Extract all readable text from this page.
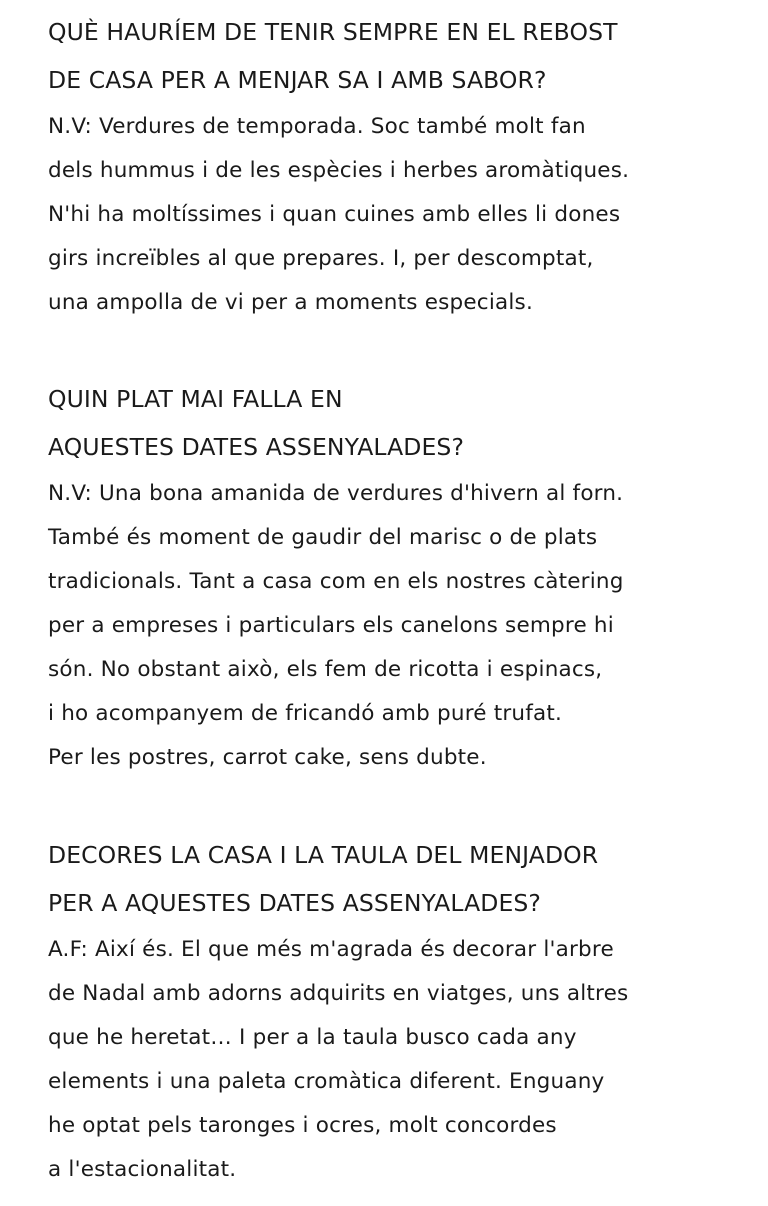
QUÈ HAURÍEM DE TENIR SEMPRE EN EL REBOST
DE CASA PER A MENJAR SA I AMB SABOR?

N.V: Verdures de temporada. Soc també molt fan
dels hummus i de les espècies i herbes aromàtiques.
N'hi ha moltíssimes i quan cuines amb elles li dones
girs increïbles al que prepares. I, per descomptat,
una ampolla de vi per a moments especials.

QUIN PLAT MAI FALLA EN
AQUESTES DATES ASSENYALADES?

N.V: Una bona amanida de verdures d'hivern al forn.
També és moment de gaudir del marisc o de plats
tradicionals. Tant a casa com en els nostres càtering
per a empreses i particulars els canelons sempre hi
són. No obstant això, els fem de ricotta i espinacs,
i ho acompanyem de fricandó amb puré trufat.
Per les postres, carrot cake, sens dubte.

DECORES LA CASA I LA TAULA DEL MENJADOR
PER A AQUESTES DATES ASSENYALADES?

A.F: Així és. El que més m'agrada és decorar l'arbre
de Nadal amb adorns adquirits en viatges, uns altres
que he heretat… I per a la taula busco cada any
elements i una paleta cromàtica diferent. Enguany
he optat pels taronges i ocres, molt concordes
a l'estacionalitat.
